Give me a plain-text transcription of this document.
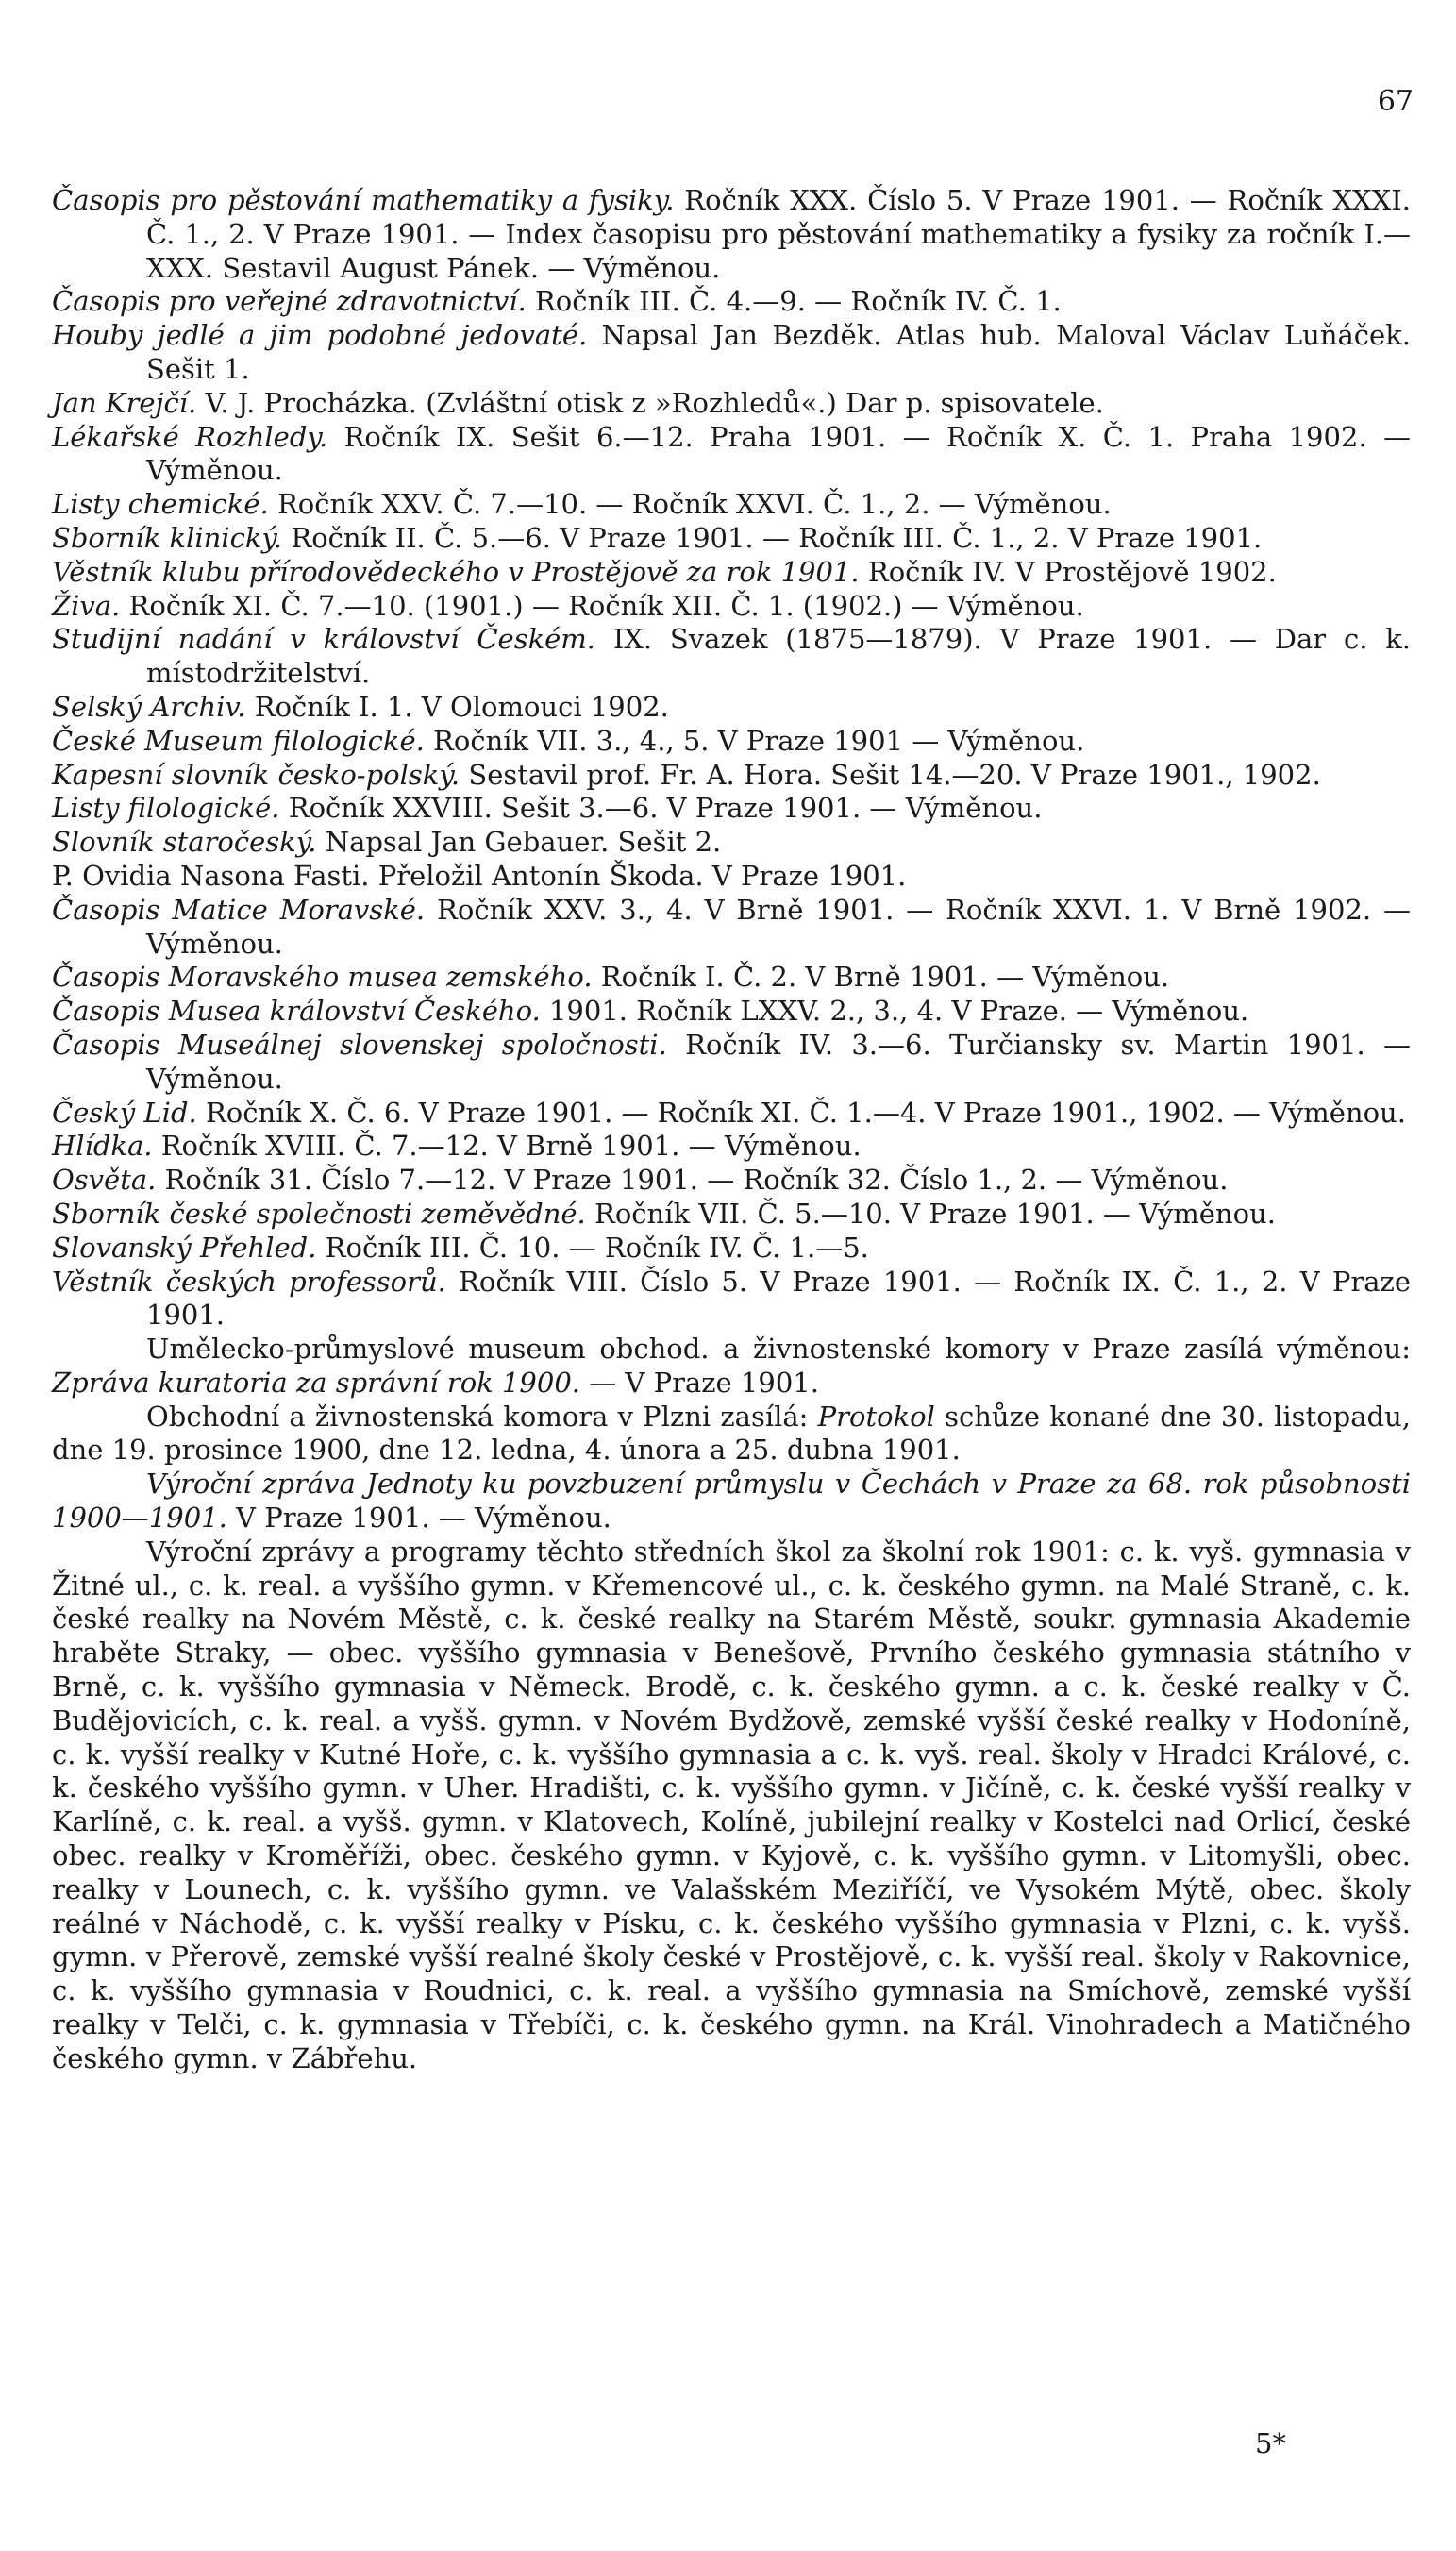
67

Časopis pro pěstování mathematiky a fysiky. Ročník XXX. Číslo 5. V Praze 1901. — Ročník XXXI. Č. 1., 2. V Praze 1901. — Index časopisu pro pěstování mathematiky a fysiky za ročník I.—XXX. Sestavil August Pánek. — Výměnou.

Časopis pro veřejné zdravotnictví. Ročník III. Č. 4.—9. — Ročník IV. Č. 1.

Houby jedlé a jim podobné jedovaté. Napsal Jan Bezděk. Atlas hub. Maloval Václav Luňáček. Sešit 1.

Jan Krejčí. V. J. Procházka. (Zvláštní otisk z »Rozhledů«.) Dar p. spisovatele.

Lékařské Rozhledy. Ročník IX. Sešit 6.—12. Praha 1901. — Ročník X. Č. 1. Praha 1902. — Výměnou.

Listy chemické. Ročník XXV. Č. 7.—10. — Ročník XXVI. Č. 1., 2. — Výměnou.

Sborník klinický. Ročník II. Č. 5.—6. V Praze 1901. — Ročník III. Č. 1., 2. V Praze 1901.

Věstník klubu přírodovědeckého v Prostějově za rok 1901. Ročník IV. V Prostějově 1902.

Živa. Ročník XI. Č. 7.—10. (1901.) — Ročník XII. Č. 1. (1902.) — Výměnou.

Studijní nadání v království Českém. IX. Svazek (1875—1879). V Praze 1901. — Dar c. k. místodržitelství.

Selský Archiv. Ročník I. 1. V Olomouci 1902.

České Museum filologické. Ročník VII. 3., 4., 5. V Praze 1901 — Výměnou.

Kapesní slovník česko-polský. Sestavil prof. Fr. A. Hora. Sešit 14.—20. V Praze 1901., 1902.

Listy filologické. Ročník XXVIII. Sešit 3.—6. V Praze 1901. — Výměnou.

Slovník staročeský. Napsal Jan Gebauer. Sešit 2.

P. Ovidia Nasona Fasti. Přeložil Antonín Škoda. V Praze 1901.

Časopis Matice Moravské. Ročník XXV. 3., 4. V Brně 1901. — Ročník XXVI. 1. V Brně 1902. — Výměnou.

Časopis Moravského musea zemského. Ročník I. Č. 2. V Brně 1901. — Výměnou.

Časopis Musea království Českého. 1901. Ročník LXXV. 2., 3., 4. V Praze. — Výměnou.

Časopis Museálnej slovenskej spoločnosti. Ročník IV. 3.—6. Turčiansky sv. Martin 1901. — Výměnou.

Český Lid. Ročník X. Č. 6. V Praze 1901. — Ročník XI. Č. 1.—4. V Praze 1901., 1902. — Výměnou.

Hlídka. Ročník XVIII. Č. 7.—12. V Brně 1901. — Výměnou.

Osvěta. Ročník 31. Číslo 7.—12. V Praze 1901. — Ročník 32. Číslo 1., 2. — Výměnou.

Sborník české společnosti zeměvědné. Ročník VII. Č. 5.—10. V Praze 1901. — Výměnou.

Slovanský Přehled. Ročník III. Č. 10. — Ročník IV. Č. 1.—5.

Věstník českých professorů. Ročník VIII. Číslo 5. V Praze 1901. — Ročník IX. Č. 1., 2. V Praze 1901.

Umělecko-průmyslové museum obchod. a živnostenské komory v Praze zasílá výměnou: Zpráva kuratoria za správní rok 1900. — V Praze 1901.

Obchodní a živnostenská komora v Plzni zasílá: Protokol schůze konané dne 30. listopadu, dne 19. prosince 1900, dne 12. ledna, 4. února a 25. dubna 1901.

Výroční zpráva Jednoty ku povzbuzení průmyslu v Čechách v Praze za 68. rok působnosti 1900—1901. V Praze 1901. — Výměnou.

Výroční zprávy a programy těchto středních škol za školní rok 1901: c. k. vyš. gymnasia v Žitné ul., c. k. real. a vyššího gymn. v Křemencové ul., c. k. českého gymn. na Malé Straně, c. k. české realky na Novém Městě, c. k. české realky na Starém Městě, soukr. gymnasia Akademie hraběte Straky, — obec. vyššího gymnasia v Benešově, Prvního českého gymnasia státního v Brně, c. k. vyššího gymnasia v Německ. Brodě, c. k. českého gymn. a c. k. české realky v Č. Budějovicích, c. k. real. a vyšš. gymn. v Novém Bydžově, zemské vyšší české realky v Hodoníně, c. k. vyšší realky v Kutné Hoře, c. k. vyššího gymnasia a c. k. vyš. real. školy v Hradci Králové, c. k. českého vyššího gymn. v Uher. Hradišti, c. k. vyššího gymn. v Jičíně, c. k. české vyšší realky v Karlíně, c. k. real. a vyšš. gymn. v Klatovech, Kolíně, jubilejní realky v Kostelci nad Orlicí, české obec. realky v Kroměříži, obec. českého gymn. v Kyjově, c. k. vyššího gymn. v Litomyšli, obec. realky v Lounech, c. k. vyššího gymn. ve Valašském Meziříčí, ve Vysokém Mýtě, obec. školy reálné v Náchodě, c. k. vyšší realky v Písku, c. k. českého vyššího gymnasia v Plzni, c. k. vyšš. gymn. v Přerově, zemské vyšší realné školy české v Prostějově, c. k. vyšší real. školy v Rakovnice, c. k. vyššího gymnasia v Roudnici, c. k. real. a vyššího gymnasia na Smíchově, zemské vyšší realky v Telči, c. k. gymnasia v Třebíči, c. k. českého gymn. na Král. Vinohradech a Matičného českého gymn. v Zábřehu.

5*
